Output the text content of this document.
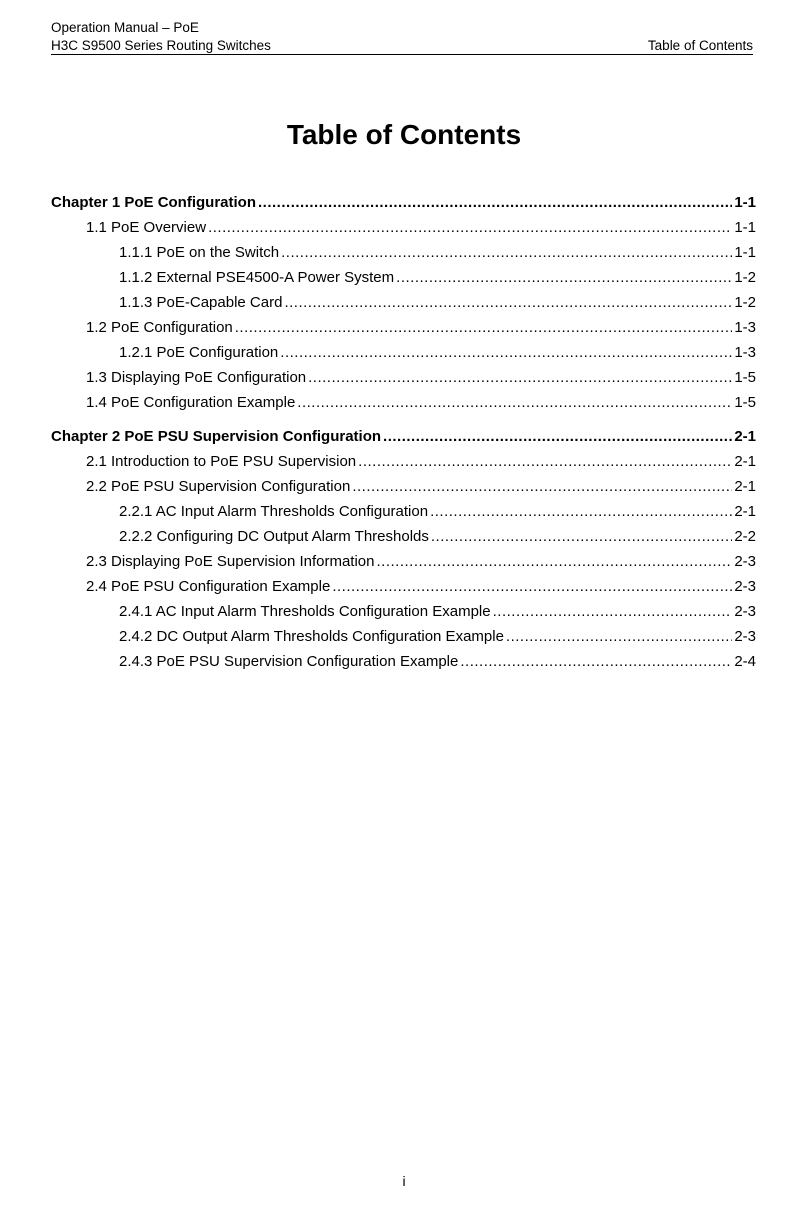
Operation Manual – PoE
H3C S9500 Series Routing Switches	Table of Contents
Table of Contents
Chapter 1 PoE Configuration .....	1-1
1.1 PoE Overview .....	1-1
1.1.1 PoE on the Switch .....	1-1
1.1.2 External PSE4500-A Power System .....	1-2
1.1.3 PoE-Capable Card .....	1-2
1.2 PoE Configuration .....	1-3
1.2.1 PoE Configuration .....	1-3
1.3 Displaying PoE Configuration .....	1-5
1.4 PoE Configuration Example .....	1-5
Chapter 2 PoE PSU Supervision Configuration .....	2-1
2.1 Introduction to PoE PSU Supervision .....	2-1
2.2 PoE PSU Supervision Configuration .....	2-1
2.2.1 AC Input Alarm Thresholds Configuration .....	2-1
2.2.2 Configuring DC Output Alarm Thresholds .....	2-2
2.3 Displaying PoE Supervision Information .....	2-3
2.4 PoE PSU Configuration Example .....	2-3
2.4.1 AC Input Alarm Thresholds Configuration Example .....	2-3
2.4.2 DC Output Alarm Thresholds Configuration Example .....	2-3
2.4.3 PoE PSU Supervision Configuration Example .....	2-4
i
